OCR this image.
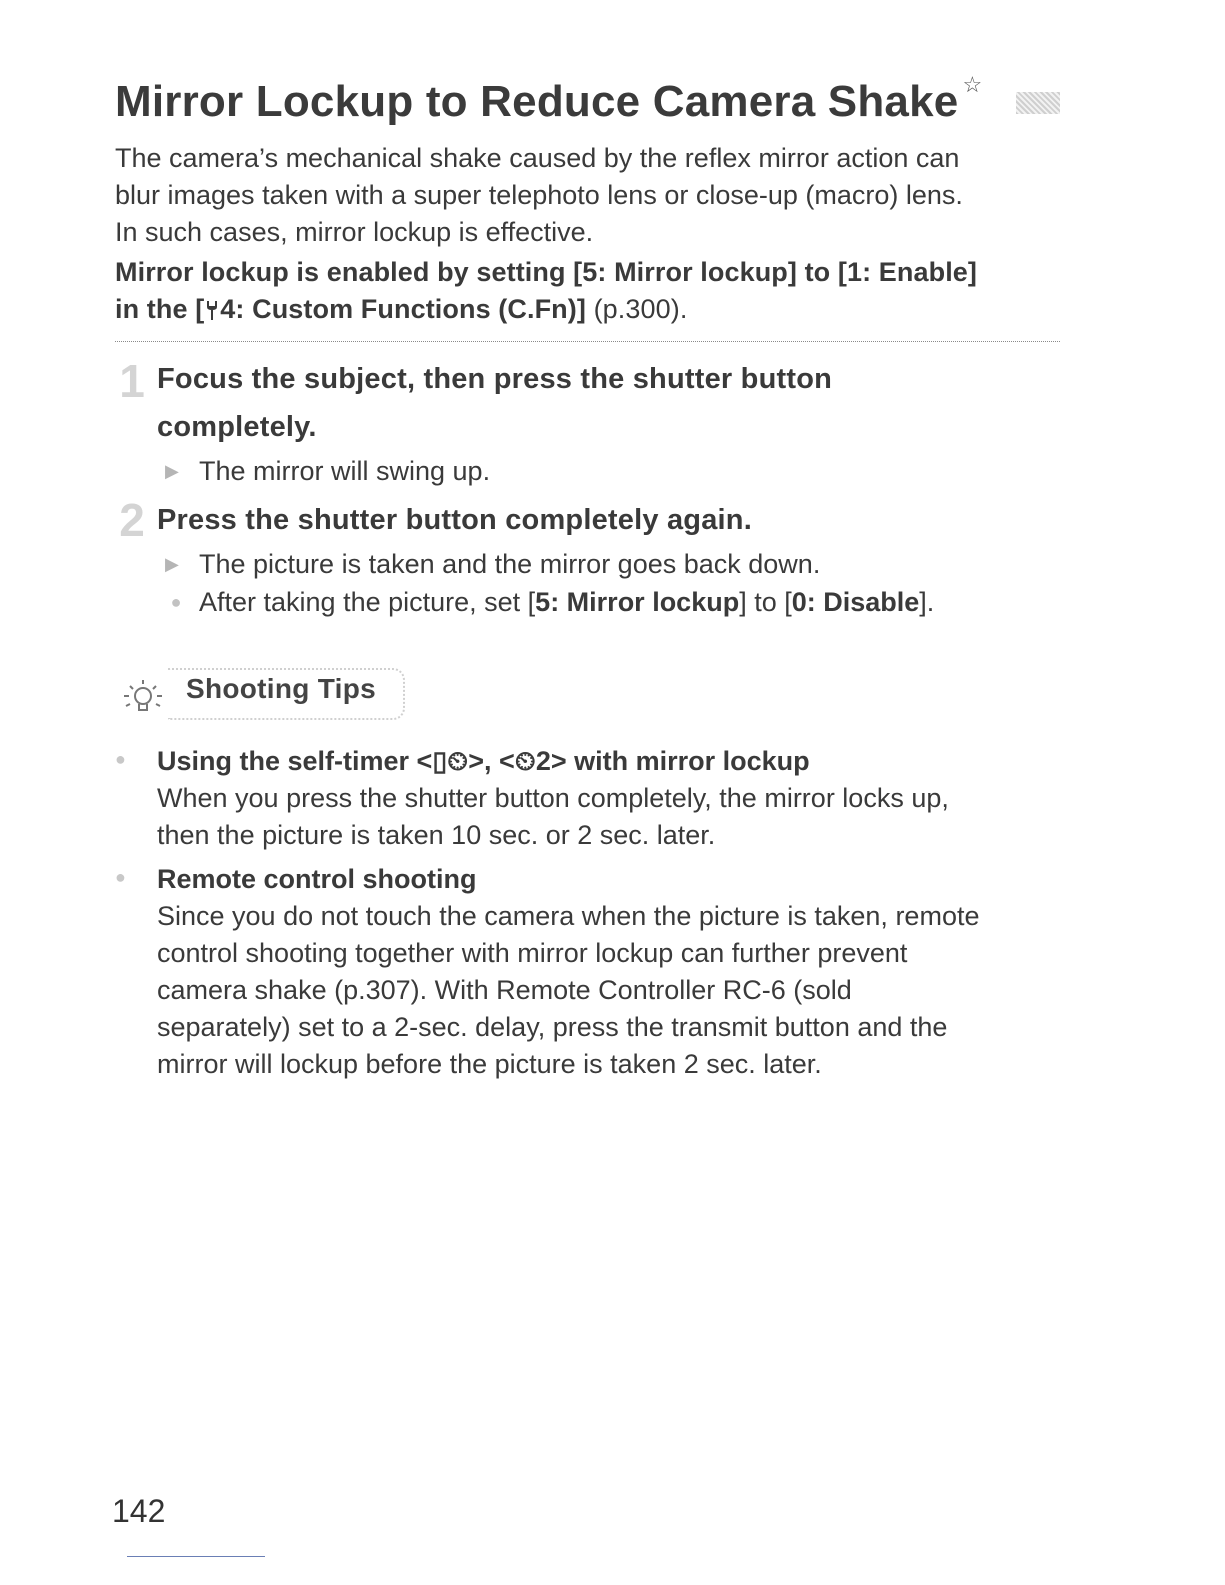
Mirror Lockup to Reduce Camera Shake ☆

The camera’s mechanical shake caused by the reflex mirror action can

blur images taken with a super telephoto lens or close-up (macro) lens.

In such cases, mirror lockup is effective.

Mirror lockup is enabled by setting [5: Mirror lockup] to [1: Enable]

in the [ 4: Custom Functions (C.Fn)] (p.300).

1 Focus the subject, then press the shutter button
completely.
▶ The mirror will swing up.
2 Press the shutter button completely again.
▶ The picture is taken and the mirror goes back down.
● After taking the picture, set [5: Mirror lockup] to [0: Disable].
Shooting Tips
● Using the self-timer <▯⏲>, <⏲2> with mirror lockup
When you press the shutter button completely, the mirror locks up,
then the picture is taken 10 sec. or 2 sec. later.
● Remote control shooting
Since you do not touch the camera when the picture is taken, remote
control shooting together with mirror lockup can further prevent
camera shake (p.307). With Remote Controller RC-6 (sold
separately) set to a 2-sec. delay, press the transmit button and the
mirror will lockup before the picture is taken 2 sec. later.
142
